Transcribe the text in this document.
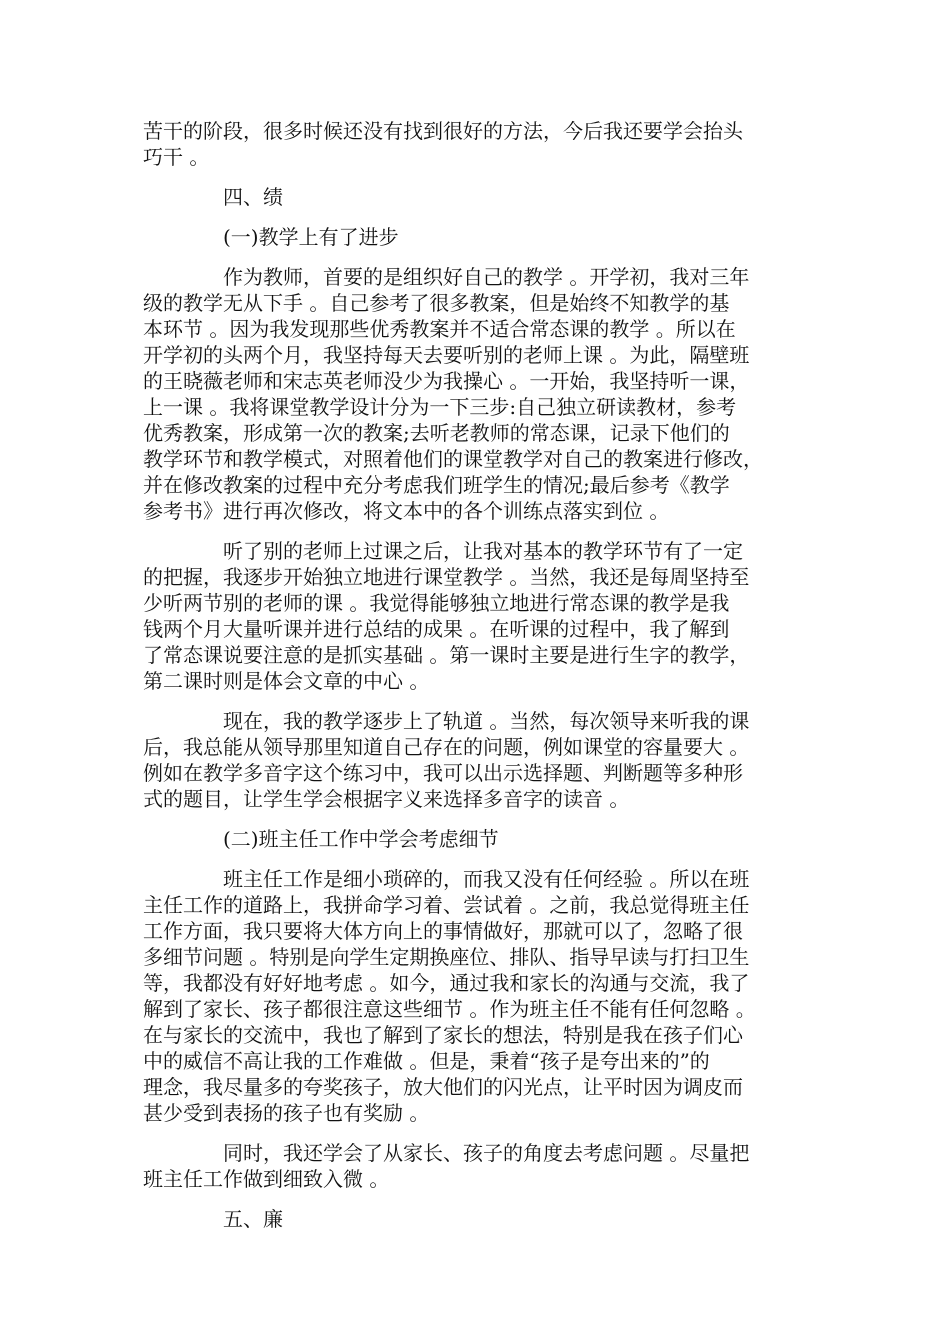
苦干的阶段，很多时候还没有找到很好的方法，今后我还要学会抬头

巧干 。

四、绩
(一)教学上有了进步

作为教师，首要的是组织好自己的教学 。开学初，我对三年

级的教学无从下手 。自己参考了很多教案，但是始终不知教学的基

本环节 。因为我发现那些优秀教案并不适合常态课的教学 。所以在

开学初的头两个月，我坚持每天去要听别的老师上课 。为此，隔壁班

的王晓薇老师和宋志英老师没少为我操心 。一开始，我坚持听一课，

上一课 。我将课堂教学设计分为一下三步:自己独立研读教材，参考

优秀教案，形成第一次的教案;去听老教师的常态课，记录下他们的

教学环节和教学模式，对照着他们的课堂教学对自己的教案进行修改，

并在修改教案的过程中充分考虑我们班学生的情况;最后参考《教学

参考书》进行再次修改，将文本中的各个训练点落实到位 。

听了别的老师上过课之后，让我对基本的教学环节有了一定

的把握，我逐步开始独立地进行课堂教学 。当然，我还是每周坚持至

少听两节别的老师的课 。我觉得能够独立地进行常态课的教学是我

钱两个月大量听课并进行总结的成果 。在听课的过程中，我了解到

了常态课说要注意的是抓实基础 。第一课时主要是进行生字的教学，

第二课时则是体会文章的中心 。

现在，我的教学逐步上了轨道 。当然，每次领导来听我的课

后，我总能从领导那里知道自己存在的问题，例如课堂的容量要大 。

例如在教学多音字这个练习中，我可以出示选择题、判断题等多种形

式的题目，让学生学会根据字义来选择多音字的读音 。

(二)班主任工作中学会考虑细节

班主任工作是细小琐碎的，而我又没有任何经验 。所以在班

主任工作的道路上，我拼命学习着、尝试着 。之前，我总觉得班主任

工作方面，我只要将大体方向上的事情做好，那就可以了，忽略了很

多细节问题 。特别是向学生定期换座位、排队、指导早读与打扫卫生

等，我都没有好好地考虑 。如今，通过我和家长的沟通与交流，我了

解到了家长、孩子都很注意这些细节 。作为班主任不能有任何忽略 。

在与家长的交流中，我也了解到了家长的想法，特别是我在孩子们心

中的威信不高让我的工作难做 。但是，秉着“孩子是夸出来的”的

理念，我尽量多的夸奖孩子，放大他们的闪光点，让平时因为调皮而

甚少受到表扬的孩子也有奖励 。

同时，我还学会了从家长、孩子的角度去考虑问题 。尽量把

班主任工作做到细致入微 。

五、廉
